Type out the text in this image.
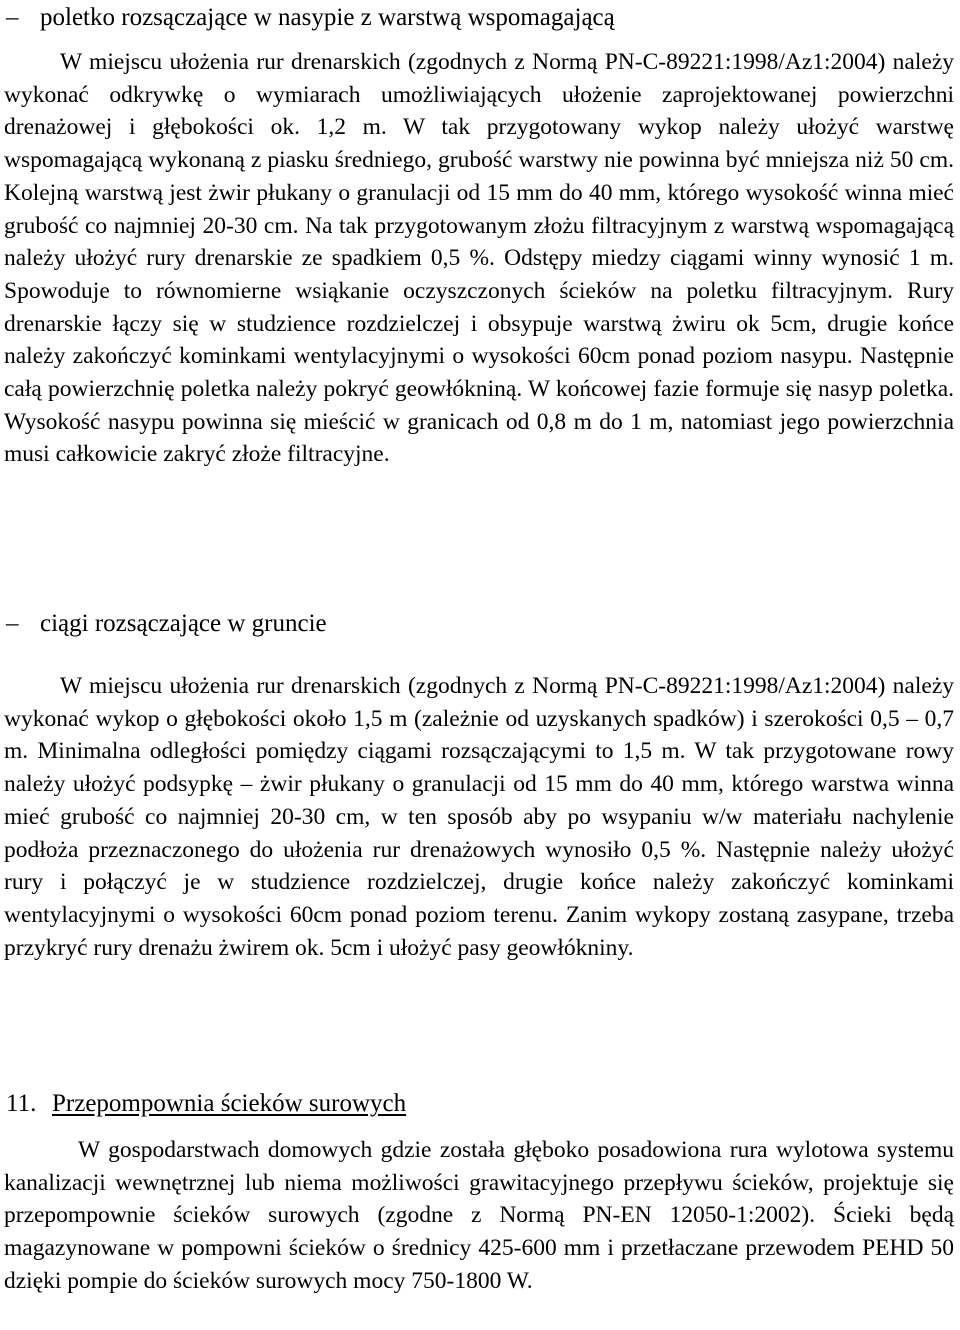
– poletko rozsączające w nasypie z warstwą wspomagającą

W miejscu ułożenia rur drenarskich (zgodnych z Normą PN-C-89221:1998/Az1:2004) należy wykonać odkrywkę o wymiarach umożliwiających ułożenie zaprojektowanej powierzchni drenażowej i głębokości ok. 1,2 m. W tak przygotowany wykop należy ułożyć warstwę wspomagającą wykonaną z piasku średniego, grubość warstwy nie powinna być mniejsza niż 50 cm. Kolejną warstwą jest żwir płukany o granulacji od 15 mm do 40 mm, którego wysokość winna mieć grubość co najmniej 20-30 cm. Na tak przygotowanym złożu filtracyjnym z warstwą wspomagającą należy ułożyć rury drenarskie ze spadkiem 0,5 %. Odstępy miedzy ciągami winny wynosić 1 m. Spowoduje to równomierne wsiąkanie oczyszczonych ścieków na poletku filtracyjnym. Rury drenarskie łączy się w studzience rozdzielczej i obsypuje warstwą żwiru ok 5cm, drugie końce należy zakończyć kominkami wentylacyjnymi o wysokości 60cm ponad poziom nasypu. Następnie całą powierzchnię poletka należy pokryć geowłókniną. W końcowej fazie formuje się nasyp poletka. Wysokość nasypu powinna się mieścić w granicach od 0,8 m do 1 m, natomiast jego powierzchnia musi całkowicie zakryć złoże filtracyjne.

– ciągi rozsączające w gruncie

W miejscu ułożenia rur drenarskich (zgodnych z Normą PN-C-89221:1998/Az1:2004) należy wykonać wykop o głębokości około 1,5 m (zależnie od uzyskanych spadków) i szerokości 0,5 – 0,7 m. Minimalna odległości pomiędzy ciągami rozsączającymi to 1,5 m. W tak przygotowane rowy należy ułożyć podsypkę – żwir płukany o granulacji od 15 mm do 40 mm, którego warstwa winna mieć grubość co najmniej 20-30 cm, w ten sposób aby po wsypaniu w/w materiału nachylenie podłoża przeznaczonego do ułożenia rur drenażowych wynosiło 0,5 %. Następnie należy ułożyć rury i połączyć je w studzience rozdzielczej, drugie końce należy zakończyć kominkami wentylacyjnymi o wysokości 60cm ponad poziom terenu. Zanim wykopy zostaną zasypane, trzeba przykryć rury drenażu żwirem ok. 5cm i ułożyć pasy geowłókniny.

11. Przepompownia ścieków surowych

W gospodarstwach domowych gdzie została głęboko posadowiona rura wylotowa systemu kanalizacji wewnętrznej lub niema możliwości grawitacyjnego przepływu ścieków, projektuje się przepompownie ścieków surowych (zgodne z Normą PN-EN 12050-1:2002). Ścieki będą magazynowane w pompowni ścieków o średnicy 425-600 mm i przetłaczane przewodem PEHD 50 dzięki pompie do ścieków surowych mocy 750-1800 W.
